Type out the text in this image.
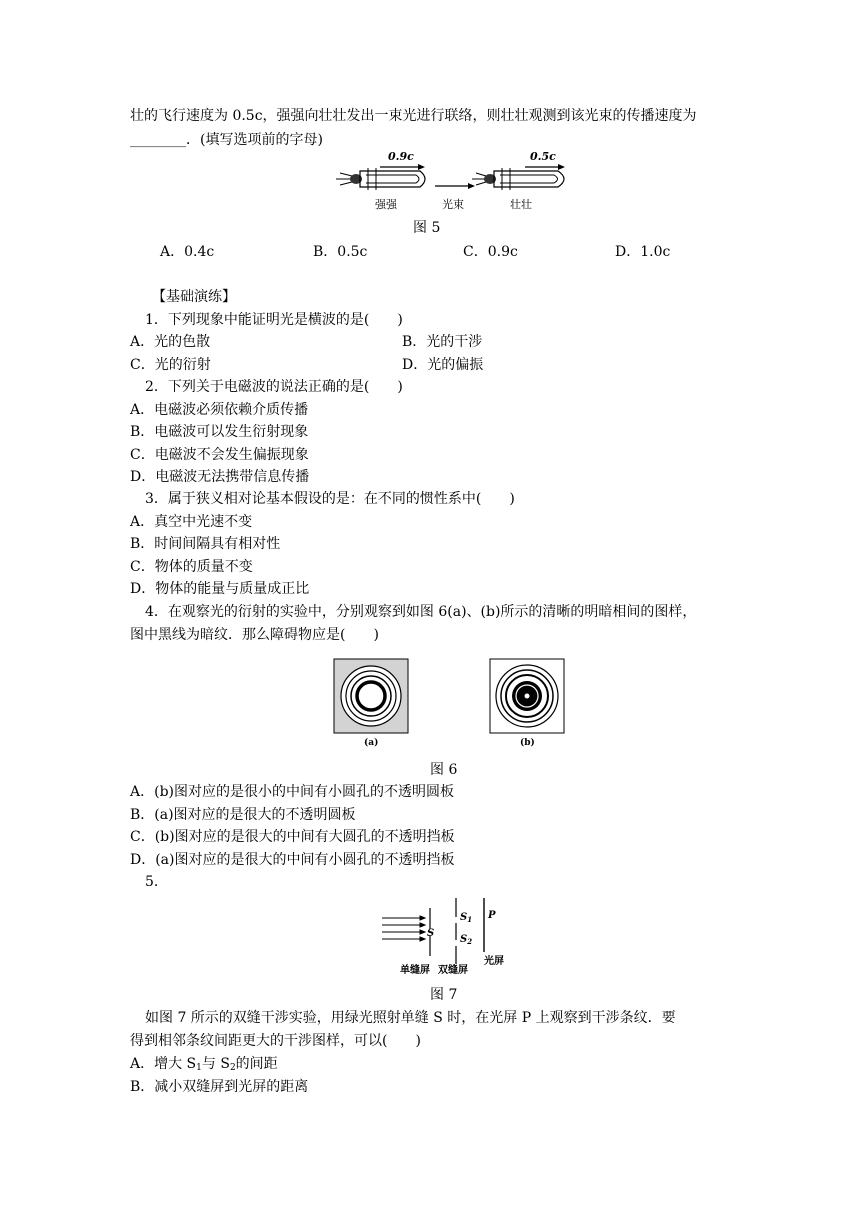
壮的飞行速度为 0.5c，强强向壮壮发出一束光进行联络，则壮壮观测到该光束的传播速度为
________．(填写选项前的字母)
0.9c	0.5c
强强	光束	壮壮
图 5
A．0.4c	B．0.5c	C．0.9c	D．1.0c
【基础演练】
1．下列现象中能证明光是横波的是(　　)
A．光的色散	B．光的干涉
C．光的衍射	D．光的偏振
2．下列关于电磁波的说法正确的是(　　)
A．电磁波必须依赖介质传播
B．电磁波可以发生衍射现象
C．电磁波不会发生偏振现象
D．电磁波无法携带信息传播
3．属于狭义相对论基本假设的是：在不同的惯性系中(　　)
A．真空中光速不变
B．时间间隔具有相对性
C．物体的质量不变
D．物体的能量与质量成正比
4．在观察光的衍射的实验中，分别观察到如图 6(a)、(b)所示的清晰的明暗相间的图样，
图中黑线为暗纹．那么障碍物应是(　　)
(a)	(b)
图 6
A．(b)图对应的是很小的中间有小圆孔的不透明圆板
B．(a)图对应的是很大的不透明圆板
C．(b)图对应的是很大的中间有大圆孔的不透明挡板
D．(a)图对应的是很大的中间有小圆孔的不透明挡板
5.
S
$S_1$
$S_2$
P
单缝屏 双缝屏
光屏
图 7
如图 7 所示的双缝干涉实验，用绿光照射单缝 S 时，在光屏 P 上观察到干涉条纹．要
得到相邻条纹间距更大的干涉图样，可以(　　)
A．增大 $S_1$与 $S_2$的间距
B．减小双缝屏到光屏的距离
